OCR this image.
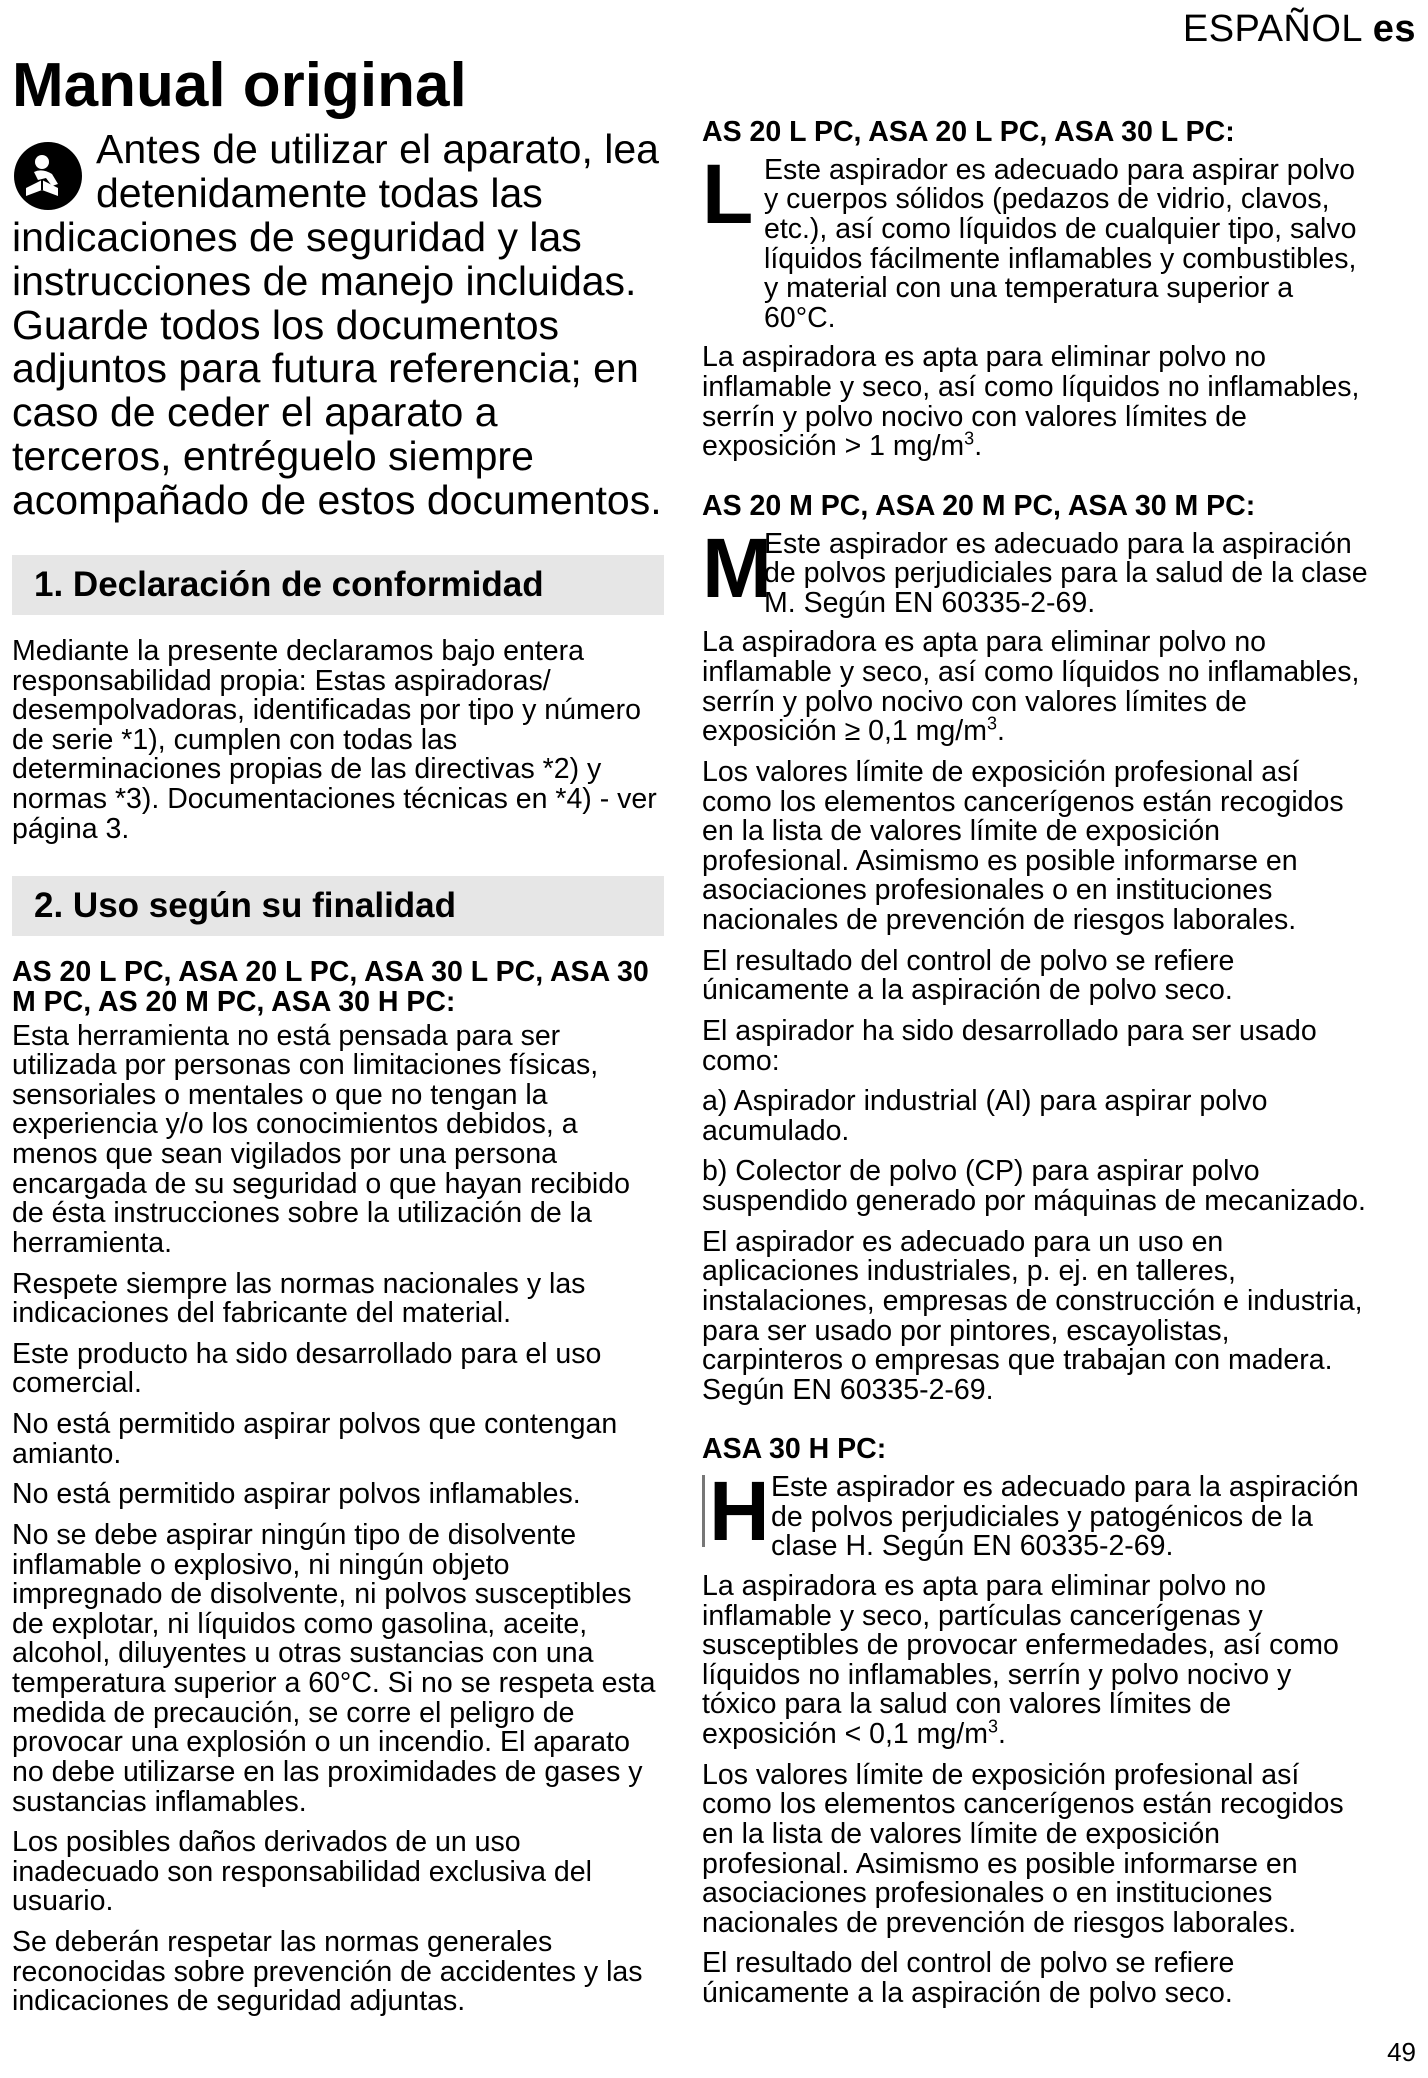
ESPAÑOL es
Manual original
Antes de utilizar el aparato, lea detenidamente todas las indicaciones de seguridad y las instrucciones de manejo incluidas. Guarde todos los documentos adjuntos para futura referencia; en caso de ceder el aparato a terceros, entréguelo siempre acompañado de estos documentos.
1. Declaración de conformidad

Mediante la presente declaramos bajo entera responsabilidad propia: Estas aspiradoras/ desempolvadoras, identificadas por tipo y número de serie *1), cumplen con todas las determinaciones propias de las directivas *2) y normas *3). Documentaciones técnicas en *4) - ver página 3.

2. Uso según su finalidad
AS 20 L PC, ASA 20 L PC, ASA 30 L PC, ASA 30 M PC, AS 20 M PC, ASA 30 H PC:

Esta herramienta no está pensada para ser utilizada por personas con limitaciones físicas, sensoriales o mentales o que no tengan la experiencia y/o los conocimientos debidos, a menos que sean vigilados por una persona encargada de su seguridad o que hayan recibido de ésta instrucciones sobre la utilización de la herramienta.

Respete siempre las normas nacionales y las indicaciones del fabricante del material.

Este producto ha sido desarrollado para el uso comercial.

No está permitido aspirar polvos que contengan amianto.

No está permitido aspirar polvos inflamables.

No se debe aspirar ningún tipo de disolvente inflamable o explosivo, ni ningún objeto impregnado de disolvente, ni polvos susceptibles de explotar, ni líquidos como gasolina, aceite, alcohol, diluyentes u otras sustancias con una temperatura superior a 60°C. Si no se respeta esta medida de precaución, se corre el peligro de provocar una explosión o un incendio. El aparato no debe utilizarse en las proximidades de gases y sustancias inflamables.

Los posibles daños derivados de un uso inadecuado son responsabilidad exclusiva del usuario.

Se deberán respetar las normas generales reconocidas sobre prevención de accidentes y las indicaciones de seguridad adjuntas.

AS 20 L PC, ASA 20 L PC, ASA 30 L PC:
L Este aspirador es adecuado para aspirar polvo y cuerpos sólidos (pedazos de vidrio, clavos, etc.), así como líquidos de cualquier tipo, salvo líquidos fácilmente inflamables y combustibles, y material con una temperatura superior a 60°C.

La aspiradora es apta para eliminar polvo no inflamable y seco, así como líquidos no inflamables, serrín y polvo nocivo con valores límites de exposición > 1 $mg/m^3$.

AS 20 M PC, ASA 20 M PC, ASA 30 M PC:
M
Este aspirador es adecuado para la aspiración de polvos perjudiciales para la salud de la clase M. Según EN 60335-2-69.

La aspiradora es apta para eliminar polvo no inflamable y seco, así como líquidos no inflamables, serrín y polvo nocivo con valores límites de exposición ≥ 0,1 $mg/m^3$.

Los valores límite de exposición profesional así como los elementos cancerígenos están recogidos en la lista de valores límite de exposición profesional. Asimismo es posible informarse en asociaciones profesionales o en instituciones nacionales de prevención de riesgos laborales.

El resultado del control de polvo se refiere únicamente a la aspiración de polvo seco.

El aspirador ha sido desarrollado para ser usado como:

a) Aspirador industrial (AI) para aspirar polvo acumulado.

b) Colector de polvo (CP) para aspirar polvo suspendido generado por máquinas de mecanizado.

El aspirador es adecuado para un uso en aplicaciones industriales, p. ej. en talleres, instalaciones, empresas de construcción e industria, para ser usado por pintores, escayolistas, carpinteros o empresas que trabajan con madera. Según EN 60335-2-69.

ASA 30 H PC:
H Este aspirador es adecuado para la aspiración de polvos perjudiciales y patogénicos de la clase H. Según EN 60335-2-69.

La aspiradora es apta para eliminar polvo no inflamable y seco, partículas cancerígenas y susceptibles de provocar enfermedades, así como líquidos no inflamables, serrín y polvo nocivo y tóxico para la salud con valores límites de exposición < 0,1 $mg/m^3$.

Los valores límite de exposición profesional así como los elementos cancerígenos están recogidos en la lista de valores límite de exposición profesional. Asimismo es posible informarse en asociaciones profesionales o en instituciones nacionales de prevención de riesgos laborales.

El resultado del control de polvo se refiere únicamente a la aspiración de polvo seco.

49
